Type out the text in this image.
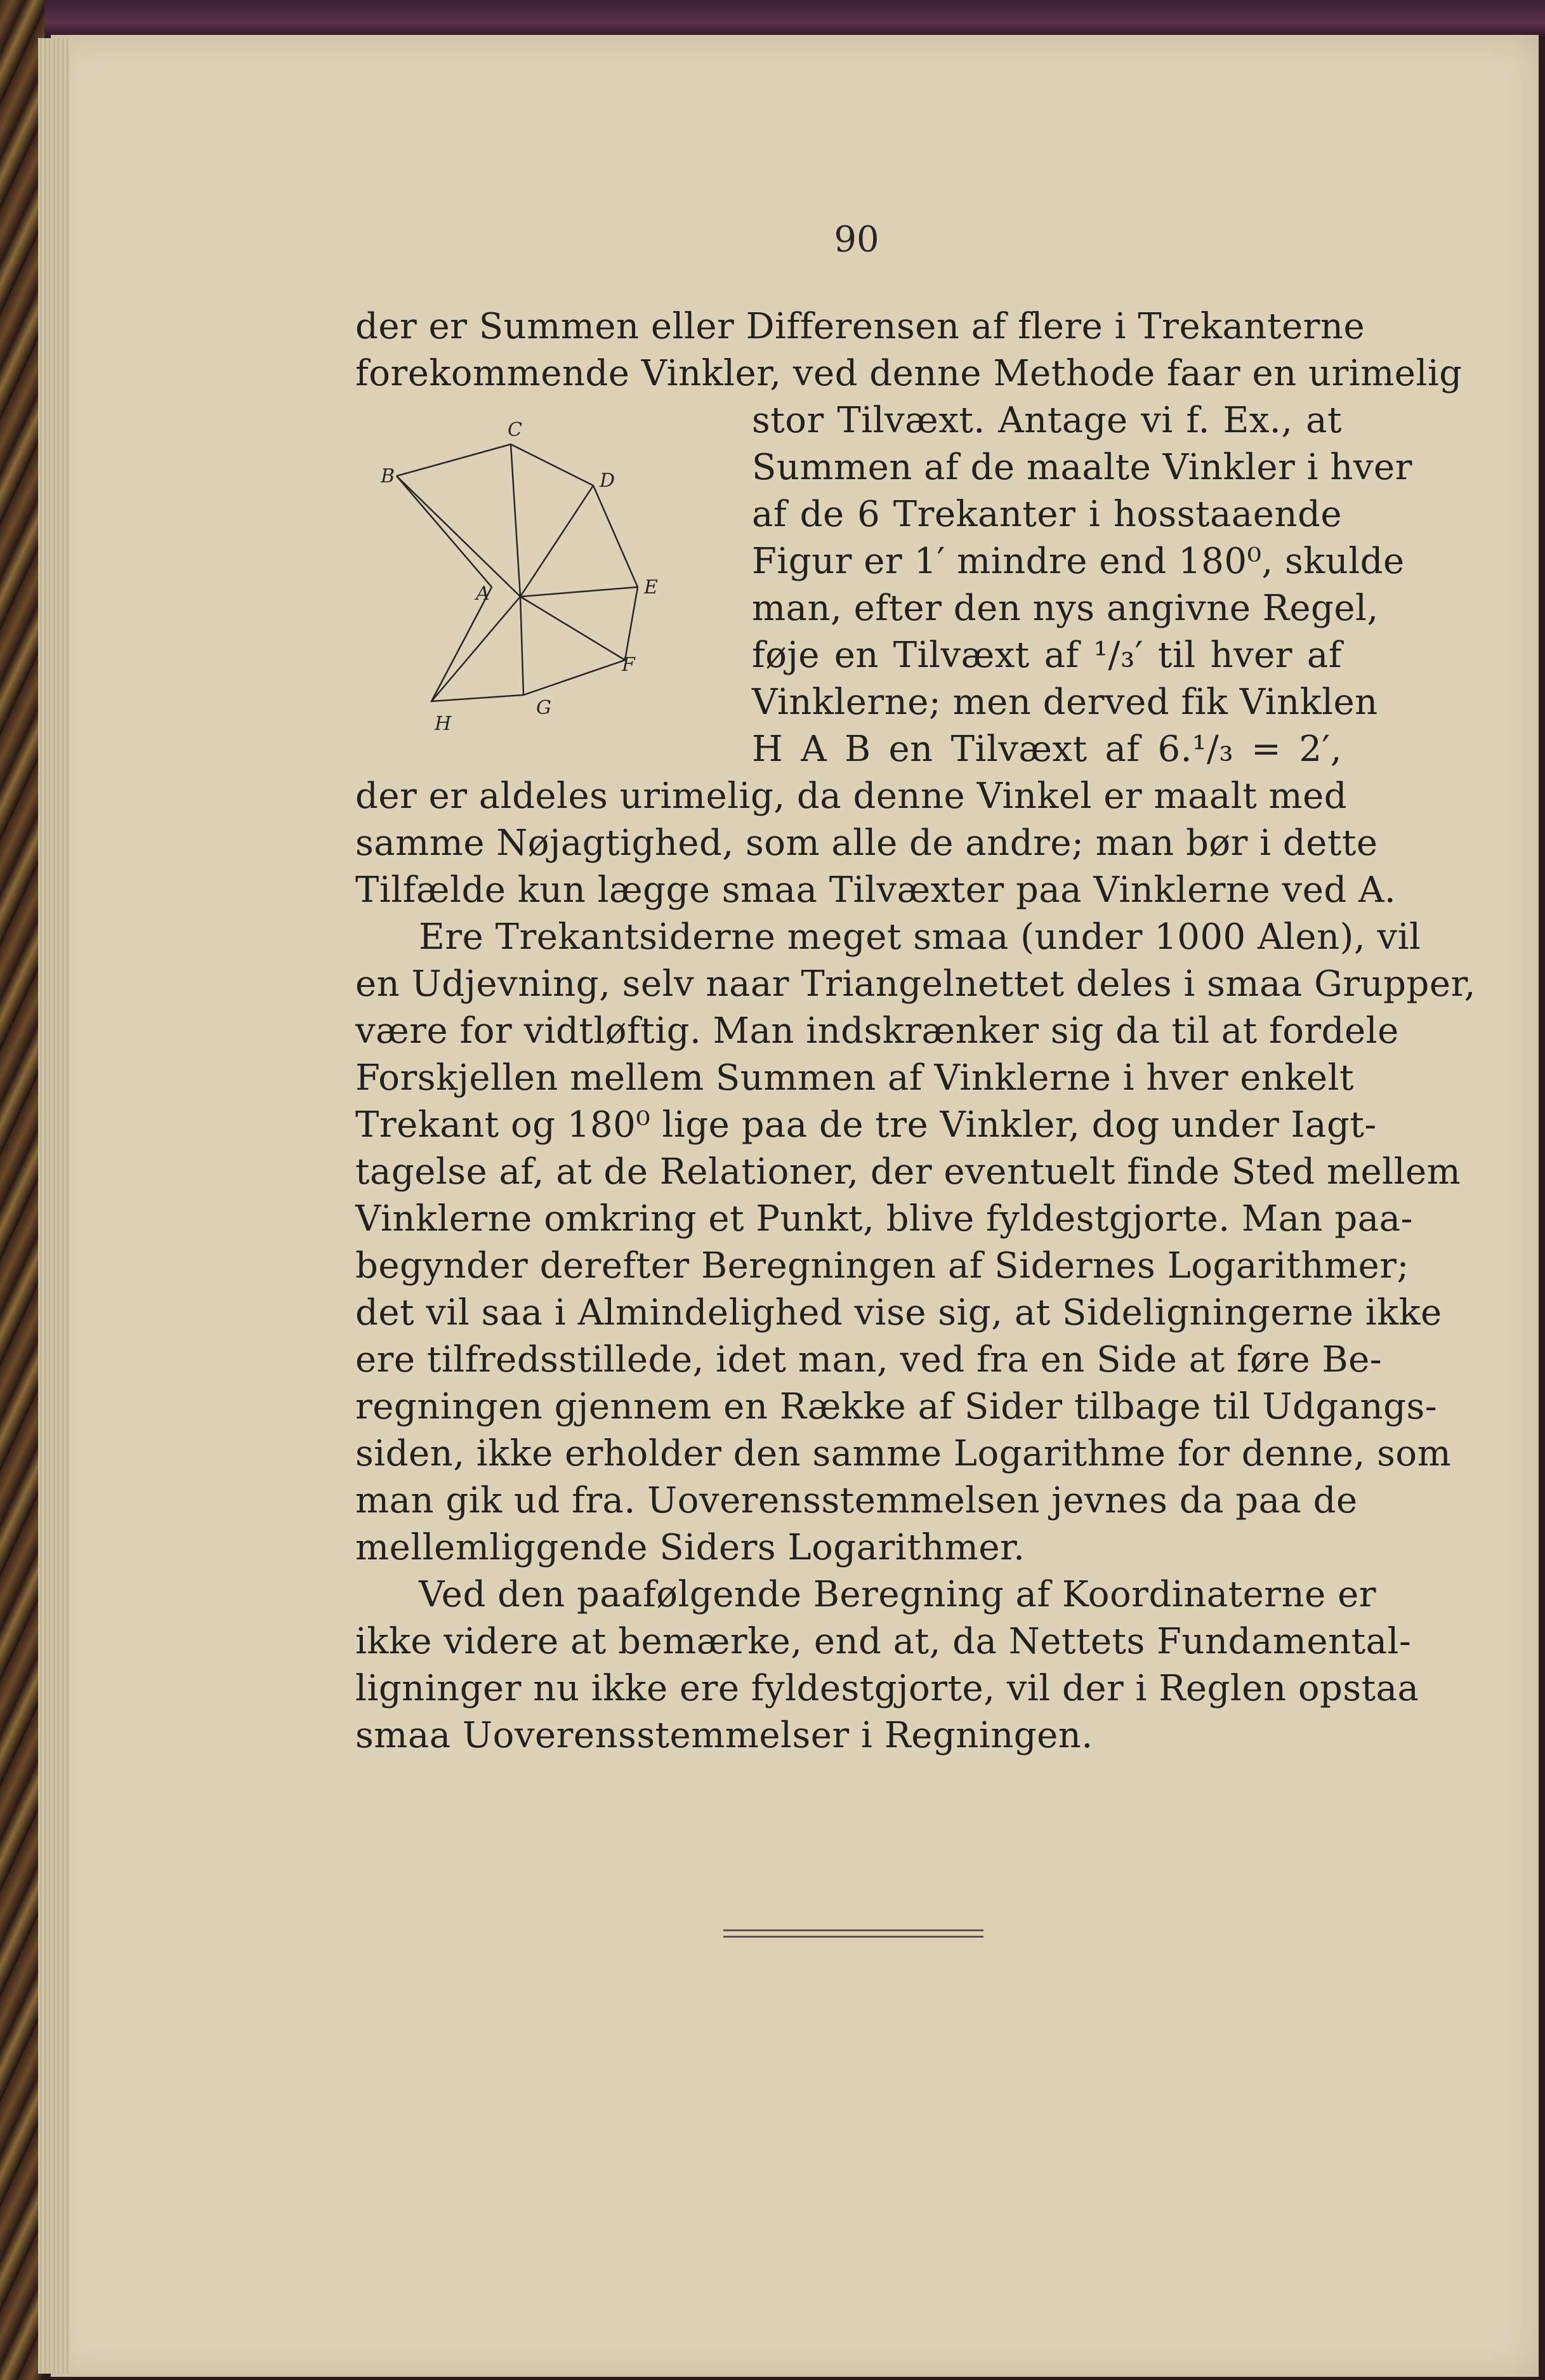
90
der er Summen eller Differensen af flere i Trekanterne
forekommende Vinkler, ved denne Methode faar en urimelig
stor Tilvæxt. Antage vi f. Ex., at
Summen af de maalte Vinkler i hver
af de 6 Trekanter i hosstaaende
Figur er 1′ mindre end 180⁰, skulde
man, efter den nys angivne Regel,
føje en Tilvæxt af ¹/₃′ til hver af
Vinklerne; men derved fik Vinklen
H A B en Tilvæxt af 6.¹/₃ = 2′,
C
B	D
A	E
F
H
G
der er aldeles urimelig, da denne Vinkel er maalt med
samme Nøjagtighed, som alle de andre; man bør i dette
Tilfælde kun lægge smaa Tilvæxter paa Vinklerne ved A.
Ere Trekantsiderne meget smaa (under 1000 Alen), vil
en Udjevning, selv naar Triangelnettet deles i smaa Grupper,
være for vidtløftig. Man indskrænker sig da til at fordele
Forskjellen mellem Summen af Vinklerne i hver enkelt
Trekant og 180⁰ lige paa de tre Vinkler, dog under Iagt-
tagelse af, at de Relationer, der eventuelt finde Sted mellem
Vinklerne omkring et Punkt, blive fyldestgjorte. Man paa-
begynder derefter Beregningen af Sidernes Logarithmer;
det vil saa i Almindelighed vise sig, at Sideligningerne ikke
ere tilfredsstillede, idet man, ved fra en Side at føre Be-
regningen gjennem en Række af Sider tilbage til Udgangs-
siden, ikke erholder den samme Logarithme for denne, som
man gik ud fra. Uoverensstemmelsen jevnes da paa de
mellemliggende Siders Logarithmer.
Ved den paafølgende Beregning af Koordinaterne er
ikke videre at bemærke, end at, da Nettets Fundamental-
ligninger nu ikke ere fyldestgjorte, vil der i Reglen opstaa
smaa Uoverensstemmelser i Regningen.
